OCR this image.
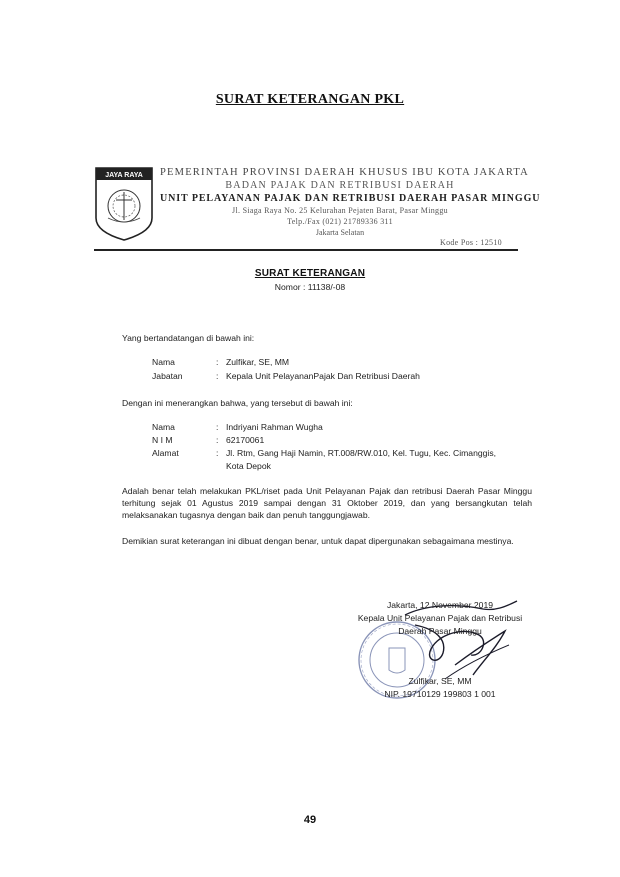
SURAT KETERANGAN PKL
JAYA RAYA PEMERINTAH PROVINSI DAERAH KHUSUS IBU KOTA JAKARTA
BADAN PAJAK DAN RETRIBUSI DAERAH
UNIT PELAYANAN PAJAK DAN RETRIBUSI DAERAH PASAR MINGGU
Jl. Siaga Raya No. 25 Kelurahan Pejaten Barat, Pasar Minggu
Telp./Fax (021) 21789336 311
Jakarta Selatan
Kode Pos : 12510
SURAT KETERANGAN
Nomor : 11138/-08
Yang bertandatangan di bawah ini:
Nama	: Zulfikar, SE, MM
Jabatan	: Kepala Unit PelayananPajak Dan Retribusi Daerah
Dengan ini menerangkan bahwa, yang tersebut di bawah ini:
Nama	: Indriyani Rahman Wugha
N I M	: 62170061
Alamat	: Jl. Rtm, Gang Haji Namin, RT.008/RW.010, Kel. Tugu, Kec. Cimanggis,
Kota Depok
Adalah benar telah melakukan PKL/riset pada Unit Pelayanan Pajak dan retribusi Daerah Pasar Minggu terhitung sejak 01 Agustus 2019 sampai dengan 31 Oktober 2019, dan yang bersangkutan telah melaksanakan tugasnya dengan baik dan penuh tanggungjawab.
Demikian surat keterangan ini dibuat dengan benar, untuk dapat dipergunakan sebagaimana mestinya.
Jakarta, 12 November 2019
Kepala Unit Pelayanan Pajak dan Retribusi
Daerah Pasar Minggu
Zulfikar, SE, MM
NIP. 19710129 199803 1 001
49
